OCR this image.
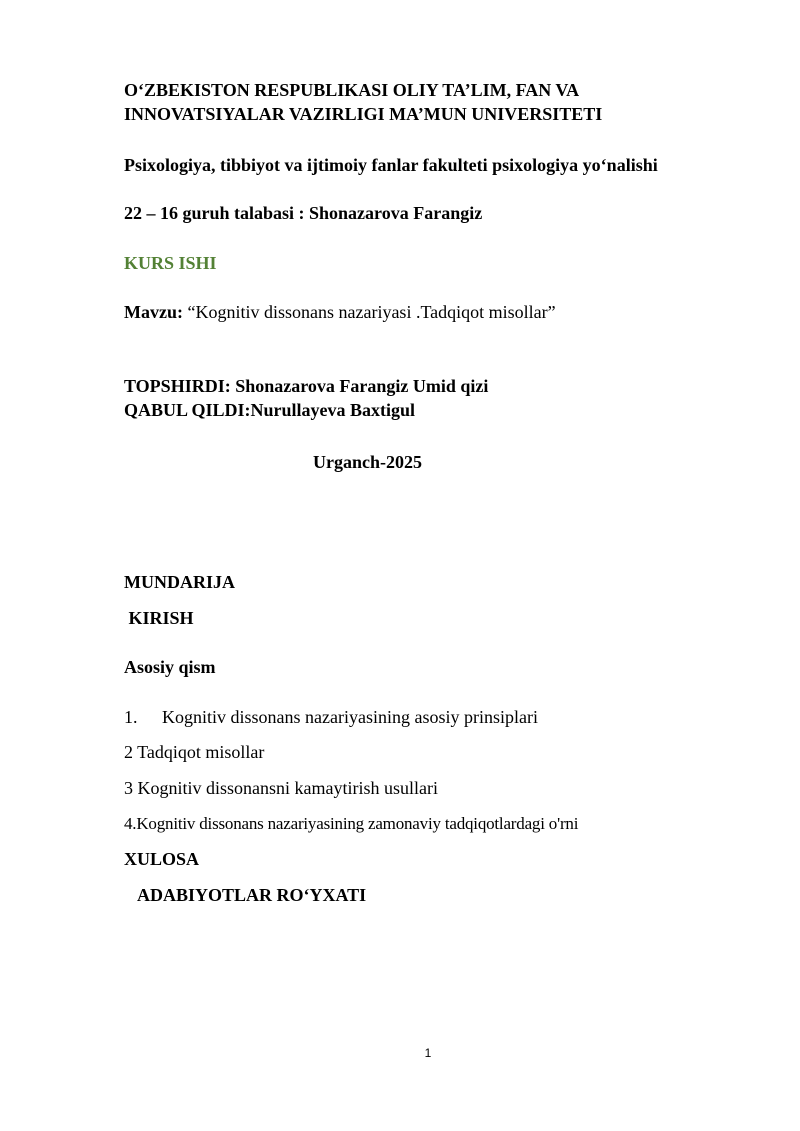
O‘ZBEKISTON RESPUBLIKASI OLIY TA’LIM, FAN VA
INNOVATSIYALAR VAZIRLIGI MA’MUN UNIVERSITETI
Psixologiya, tibbiyot va ijtimoiy fanlar fakulteti psixologiya yo‘nalishi
22 – 16 guruh talabasi : Shonazarova Farangiz
KURS ISHI
Mavzu: “Kognitiv dissonans nazariyasi .Tadqiqot misollar”
TOPSHIRDI: Shonazarova Farangiz Umid qizi
QABUL QILDI:Nurullayeva Baxtigul
Urganch-2025
MUNDARIJA
KIRISH
Asosiy qism
1. Kognitiv dissonans nazariyasining asosiy prinsiplari
2 Tadqiqot misollar
3 Kognitiv dissonansni kamaytirish usullari
4.Kognitiv dissonans nazariyasining zamonaviy tadqiqotlardagi o'rni
XULOSA
ADABIYOTLAR RO‘YXATI
1
